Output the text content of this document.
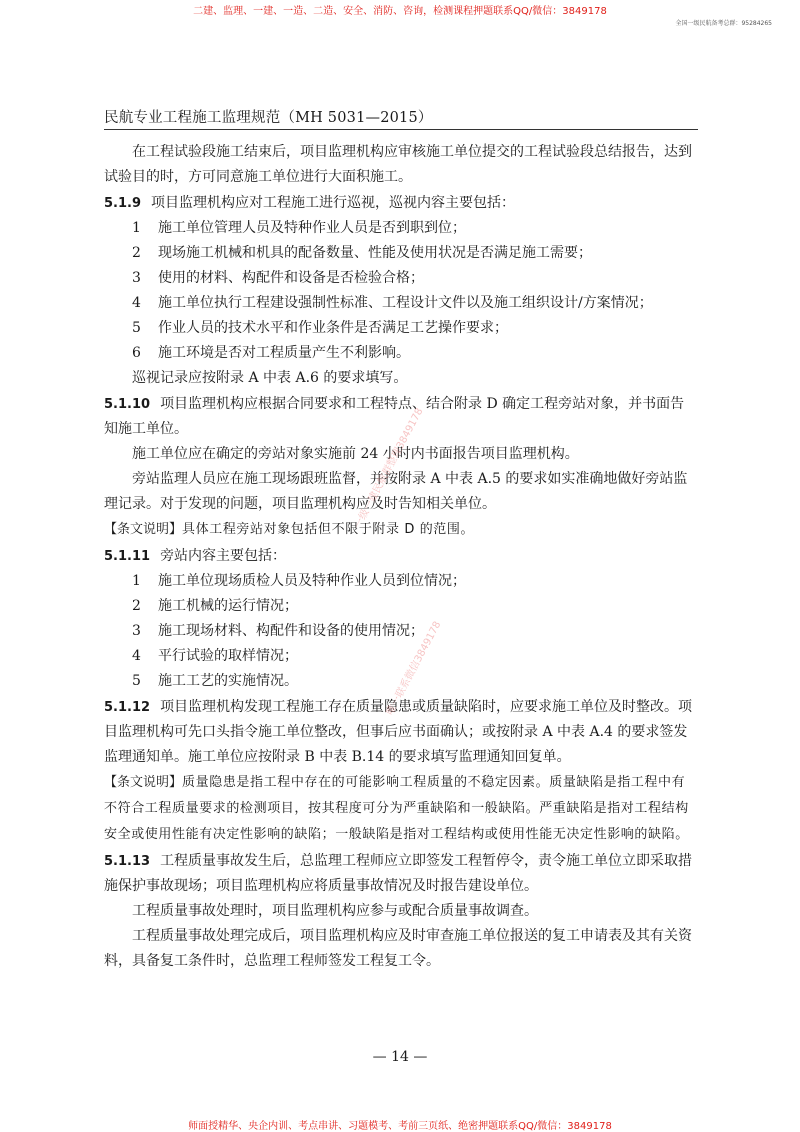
二建、监理、一建、一造、二造、安全、消防、咨询，检测课程押题联系QQ/微信：3849178
全国一级民航备考总群：95284265
民航专业工程施工监理规范（MH 5031—2015）

在工程试验段施工结束后，项目监理机构应审核施工单位提交的工程试验段总结报告，达到试验目的时，方可同意施工单位进行大面积施工。

5.1.9 项目监理机构应对工程施工进行巡视，巡视内容主要包括：

1 施工单位管理人员及特种作业人员是否到职到位；

2 现场施工机械和机具的配备数量、性能及使用状况是否满足施工需要；

3 使用的材料、构配件和设备是否检验合格；

4 施工单位执行工程建设强制性标准、工程设计文件以及施工组织设计/方案情况；

5 作业人员的技术水平和作业条件是否满足工艺操作要求；

6 施工环境是否对工程质量产生不利影响。

巡视记录应按附录 A 中表 A.6 的要求填写。

5.1.10 项目监理机构应根据合同要求和工程特点、结合附录 D 确定工程旁站对象，并书面告知施工单位。

施工单位应在确定的旁站对象实施前 24 小时内书面报告项目监理机构。

旁站监理人员应在施工现场跟班监督，并按附录 A 中表 A.5 的要求如实准确地做好旁站监理记录。对于发现的问题，项目监理机构应及时告知相关单位。

【条文说明】具体工程旁站对象包括但不限于附录 D 的范围。

5.1.11 旁站内容主要包括：

1 施工单位现场质检人员及特种作业人员到位情况；

2 施工机械的运行情况；

3 施工现场材料、构配件和设备的使用情况；

4 平行试验的取样情况；

5 施工工艺的实施情况。

5.1.12 项目监理机构发现工程施工存在质量隐患或质量缺陷时，应要求施工单位及时整改。项目监理机构可先口头指令施工单位整改，但事后应书面确认；或按附录 A 中表 A.4 的要求签发监理通知单。施工单位应按附录 B 中表 B.14 的要求填写监理通知回复单。

【条文说明】质量隐患是指工程中存在的可能影响工程质量的不稳定因素。质量缺陷是指工程中有不符合工程质量要求的检测项目，按其程度可分为严重缺陷和一般缺陷。严重缺陷是指对工程结构安全或使用性能有决定性影响的缺陷；一般缺陷是指对工程结构或使用性能无决定性影响的缺陷。

5.1.13 工程质量事故发生后，总监理工程师应立即签发工程暂停令，责令施工单位立即采取措施保护事故现场；项目监理机构应将质量事故情况及时报告建设单位。

工程质量事故处理时，项目监理机构应参与或配合质量事故调查。

工程质量事故处理完成后，项目监理机构应及时审查施工单位报送的复工申请表及其有关资料，具备复工条件时，总监理工程师签发工程复工令。

一级一建民航群整理3849178
唯一联系微信3849178
— 14 —
师面授精华、央企内训、考点串讲、习题模考、考前三页纸、绝密押题联系QQ/微信：3849178
